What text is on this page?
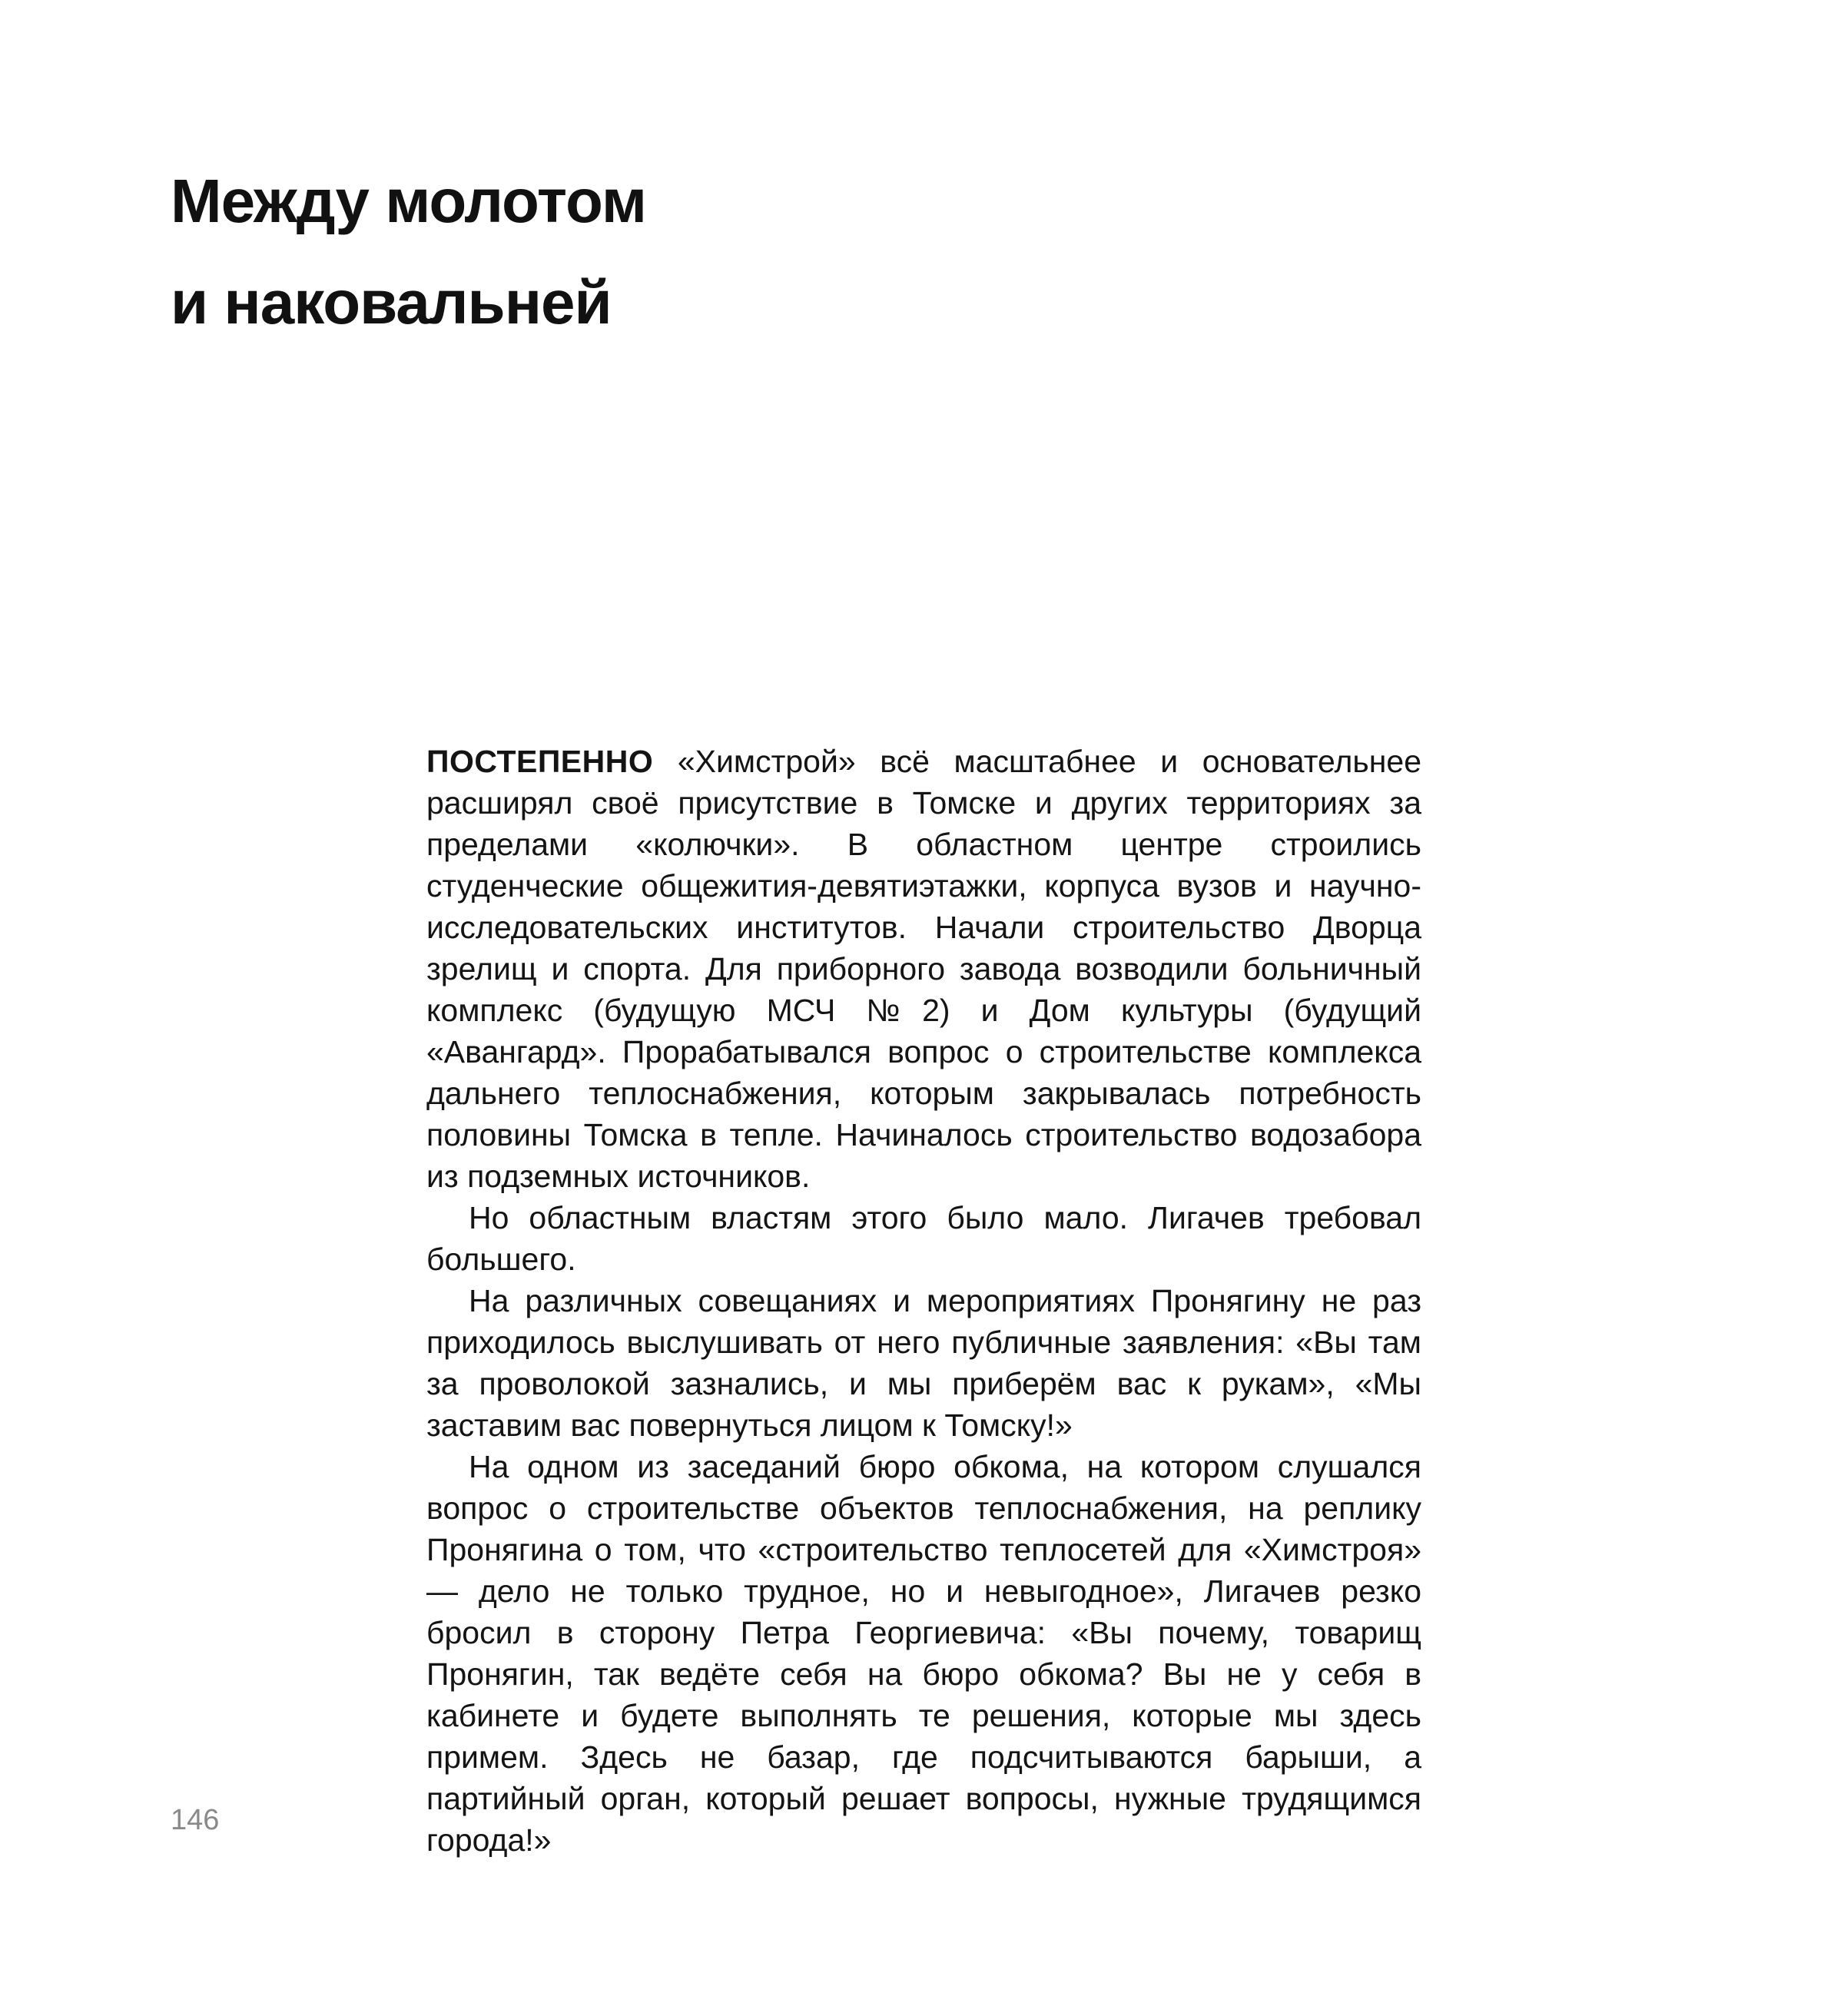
Между молотом
и наковальней

ПОСТЕПЕННО «Химстрой» всё масштабнее и основательнее расширял своё присутствие в Томске и других территориях за пределами «колючки». В областном центре строились студенческие общежития-девятиэтажки, корпуса вузов и научно-исследовательских институтов. Начали строительство Дворца зрелищ и спорта. Для приборного завода возводили больничный комплекс (будущую МСЧ №2) и Дом культуры (будущий «Авангард». Прорабатывался вопрос о строительстве комплекса дальнего теплоснабжения, которым закрывалась потребность половины Томска в тепле. Начиналось строительство водозабора из подземных источников.

Но областным властям этого было мало. Лигачев требовал большего.

На различных совещаниях и мероприятиях Пронягину не раз приходилось выслушивать от него публичные заявления: «Вы там за проволокой зазнались, и мы приберём вас к рукам», «Мы заставим вас повернуться лицом к Томску!»

На одном из заседаний бюро обкома, на котором слушался вопрос о строительстве объектов теплоснабжения, на реплику Пронягина о том, что «строительство теплосетей для «Химстроя» — дело не только трудное, но и невыгодное», Лигачев резко бросил в сторону Петра Георгиевича: «Вы почему, товарищ Пронягин, так ведёте себя на бюро обкома? Вы не у себя в кабинете и будете выполнять те решения, которые мы здесь примем. Здесь не базар, где подсчитываются барыши, а партийный орган, который решает вопросы, нужные трудящимся города!»

146
